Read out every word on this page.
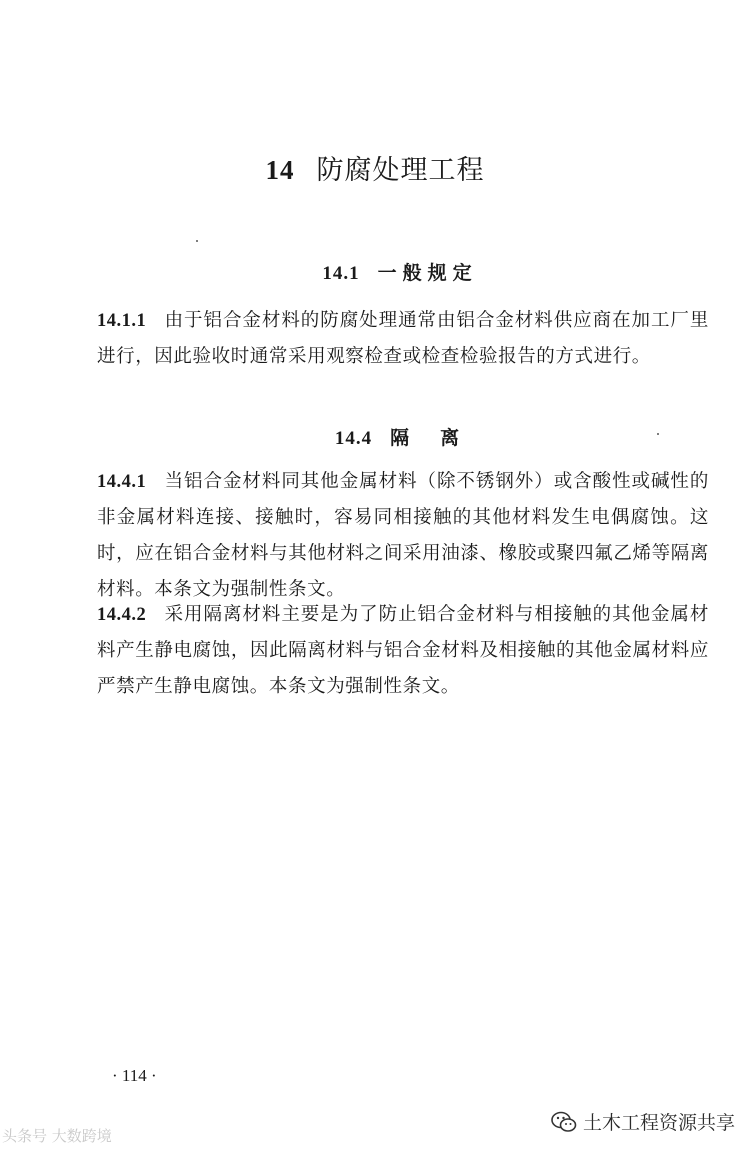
14 防腐处理工程
14.1 一般规定
14.1.1 由于铝合金材料的防腐处理通常由铝合金材料供应商在加工厂里进行，因此验收时通常采用观察检查或检查检验报告的方式进行。
14.4 隔　离
14.4.1 当铝合金材料同其他金属材料（除不锈钢外）或含酸性或碱性的非金属材料连接、接触时，容易同相接触的其他材料发生电偶腐蚀。这时，应在铝合金材料与其他材料之间采用油漆、橡胶或聚四氟乙烯等隔离材料。本条文为强制性条文。
14.4.2 采用隔离材料主要是为了防止铝合金材料与相接触的其他金属材料产生静电腐蚀，因此隔离材料与铝合金材料及相接触的其他金属材料应严禁产生静电腐蚀。本条文为强制性条文。
· 114 ·
头条号 大数跨境
土木工程资源共享
